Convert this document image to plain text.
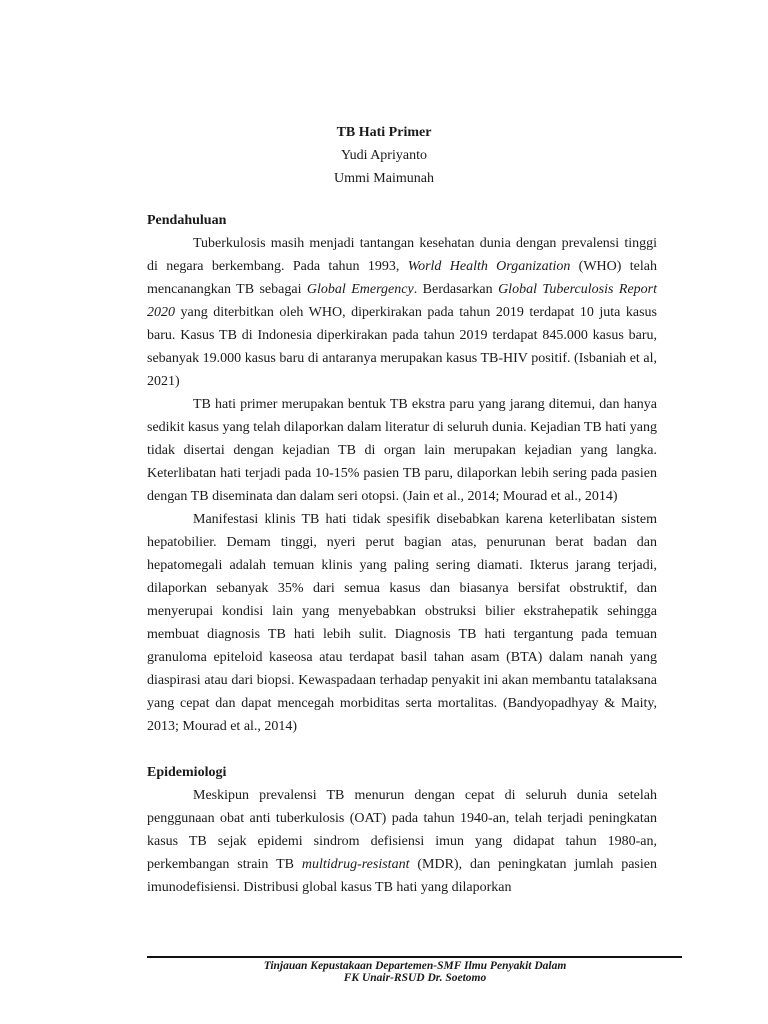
TB Hati Primer
Yudi Apriyanto
Ummi Maimunah
Pendahuluan

Tuberkulosis masih menjadi tantangan kesehatan dunia dengan prevalensi tinggi di negara berkembang. Pada tahun 1993, World Health Organization (WHO) telah mencanangkan TB sebagai Global Emergency. Berdasarkan Global Tuberculosis Report 2020 yang diterbitkan oleh WHO, diperkirakan pada tahun 2019 terdapat 10 juta kasus baru. Kasus TB di Indonesia diperkirakan pada tahun 2019 terdapat 845.000 kasus baru, sebanyak 19.000 kasus baru di antaranya merupakan kasus TB-HIV positif. (Isbaniah et al, 2021)

TB hati primer merupakan bentuk TB ekstra paru yang jarang ditemui, dan hanya sedikit kasus yang telah dilaporkan dalam literatur di seluruh dunia. Kejadian TB hati yang tidak disertai dengan kejadian TB di organ lain merupakan kejadian yang langka. Keterlibatan hati terjadi pada 10-15% pasien TB paru, dilaporkan lebih sering pada pasien dengan TB diseminata dan dalam seri otopsi. (Jain et al., 2014; Mourad et al., 2014)

Manifestasi klinis TB hati tidak spesifik disebabkan karena keterlibatan sistem hepatobilier. Demam tinggi, nyeri perut bagian atas, penurunan berat badan dan hepatomegali adalah temuan klinis yang paling sering diamati. Ikterus jarang terjadi, dilaporkan sebanyak 35% dari semua kasus dan biasanya bersifat obstruktif, dan menyerupai kondisi lain yang menyebabkan obstruksi bilier ekstrahepatik sehingga membuat diagnosis TB hati lebih sulit. Diagnosis TB hati tergantung pada temuan granuloma epiteloid kaseosa atau terdapat basil tahan asam (BTA) dalam nanah yang diaspirasi atau dari biopsi. Kewaspadaan terhadap penyakit ini akan membantu tatalaksana yang cepat dan dapat mencegah morbiditas serta mortalitas. (Bandyopadhyay & Maity, 2013; Mourad et al., 2014)

Epidemiologi

Meskipun prevalensi TB menurun dengan cepat di seluruh dunia setelah penggunaan obat anti tuberkulosis (OAT) pada tahun 1940-an, telah terjadi peningkatan kasus TB sejak epidemi sindrom defisiensi imun yang didapat tahun 1980-an, perkembangan strain TB multidrug-resistant (MDR), dan peningkatan jumlah pasien imunodefisiensi. Distribusi global kasus TB hati yang dilaporkan

Tinjauan Kepustakaan Departemen-SMF Ilmu Penyakit Dalam
FK Unair-RSUD Dr. Soetomo
